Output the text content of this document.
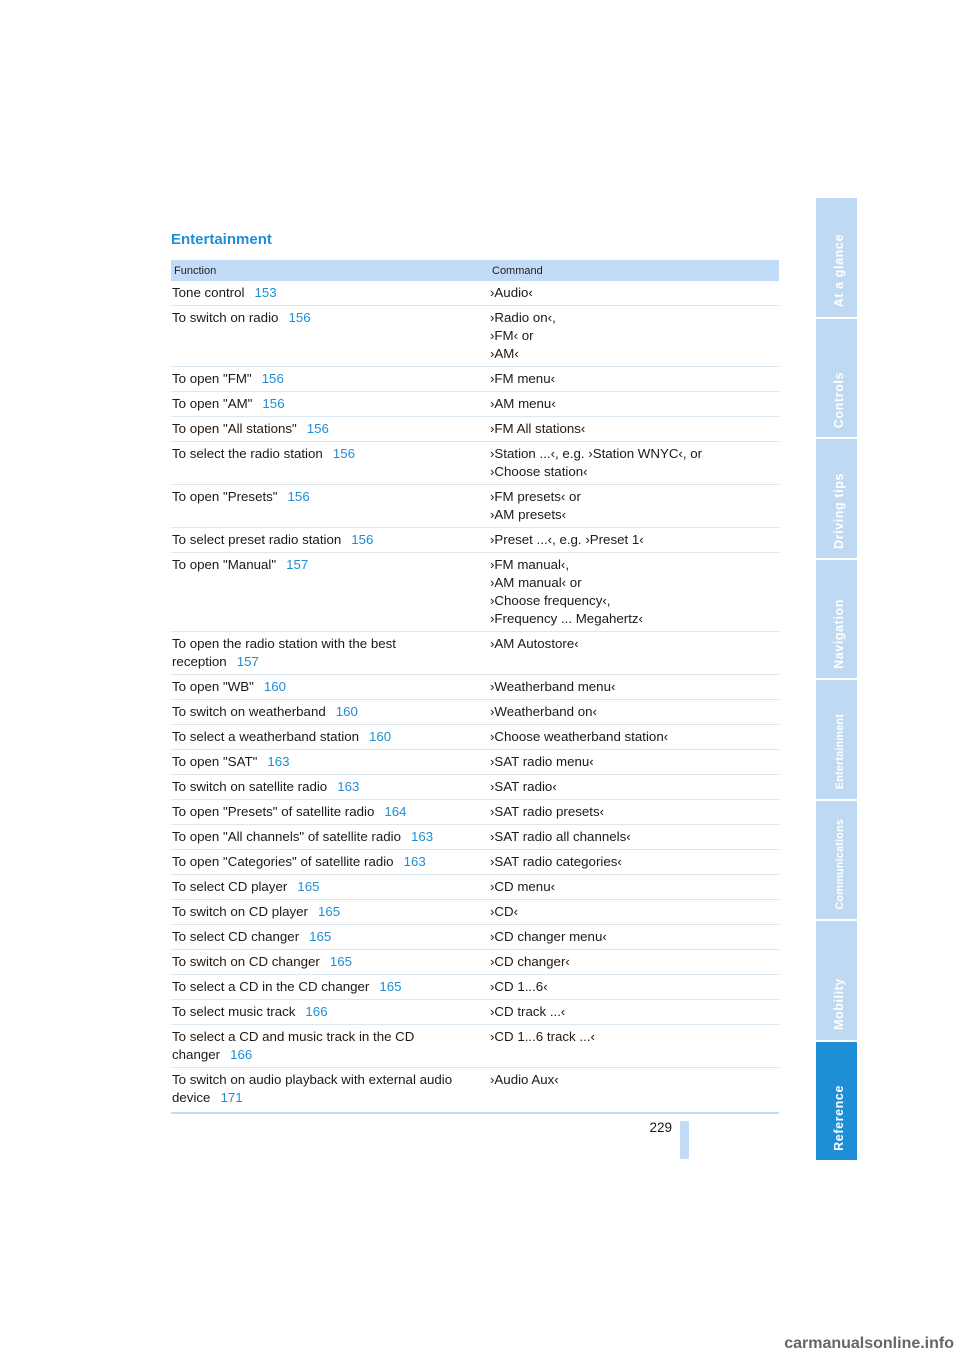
Entertainment
Function	Command
Tone control 153	›Audio‹

To switch on radio 156	›Radio on‹,
›FM‹ or
›AM‹

To open "FM" 156	›FM menu‹

To open "AM" 156	›AM menu‹

To open "All stations" 156	›FM All stations‹

To select the radio station 156	›Station ...‹, e.g. ›Station WNYC‹, or
›Choose station‹

To open "Presets" 156	›FM presets‹ or
›AM presets‹

To select preset radio station 156	›Preset ...‹, e.g. ›Preset 1‹

To open "Manual" 157	›FM manual‹,
›AM manual‹ or
›Choose frequency‹,
›Frequency ... Megahertz‹

To open the radio station with the best reception 157	›AM Autostore‹

To open "WB" 160	›Weatherband menu‹

To switch on weatherband 160	›Weatherband on‹

To select a weatherband station 160	›Choose weatherband station‹

To open "SAT" 163	›SAT radio menu‹

To switch on satellite radio 163	›SAT radio‹

To open "Presets" of satellite radio 164	›SAT radio presets‹

To open "All channels" of satellite radio 163	›SAT radio all channels‹

To open "Categories" of satellite radio 163	›SAT radio categories‹

To select CD player 165	›CD menu‹

To switch on CD player 165	›CD‹

To select CD changer 165	›CD changer menu‹

To switch on CD changer 165	›CD changer‹

To select a CD in the CD changer 165	›CD 1...6‹

To select music track 166	›CD track ...‹

To select a CD and music track in the CD changer 166	›CD 1...6 track ...‹

To switch on audio playback with external audio device 171	›Audio Aux‹
229
At a glance
Controls
Driving tips
Navigation
Entertainment
Communications
Mobility
Reference
carmanualsonline.info
